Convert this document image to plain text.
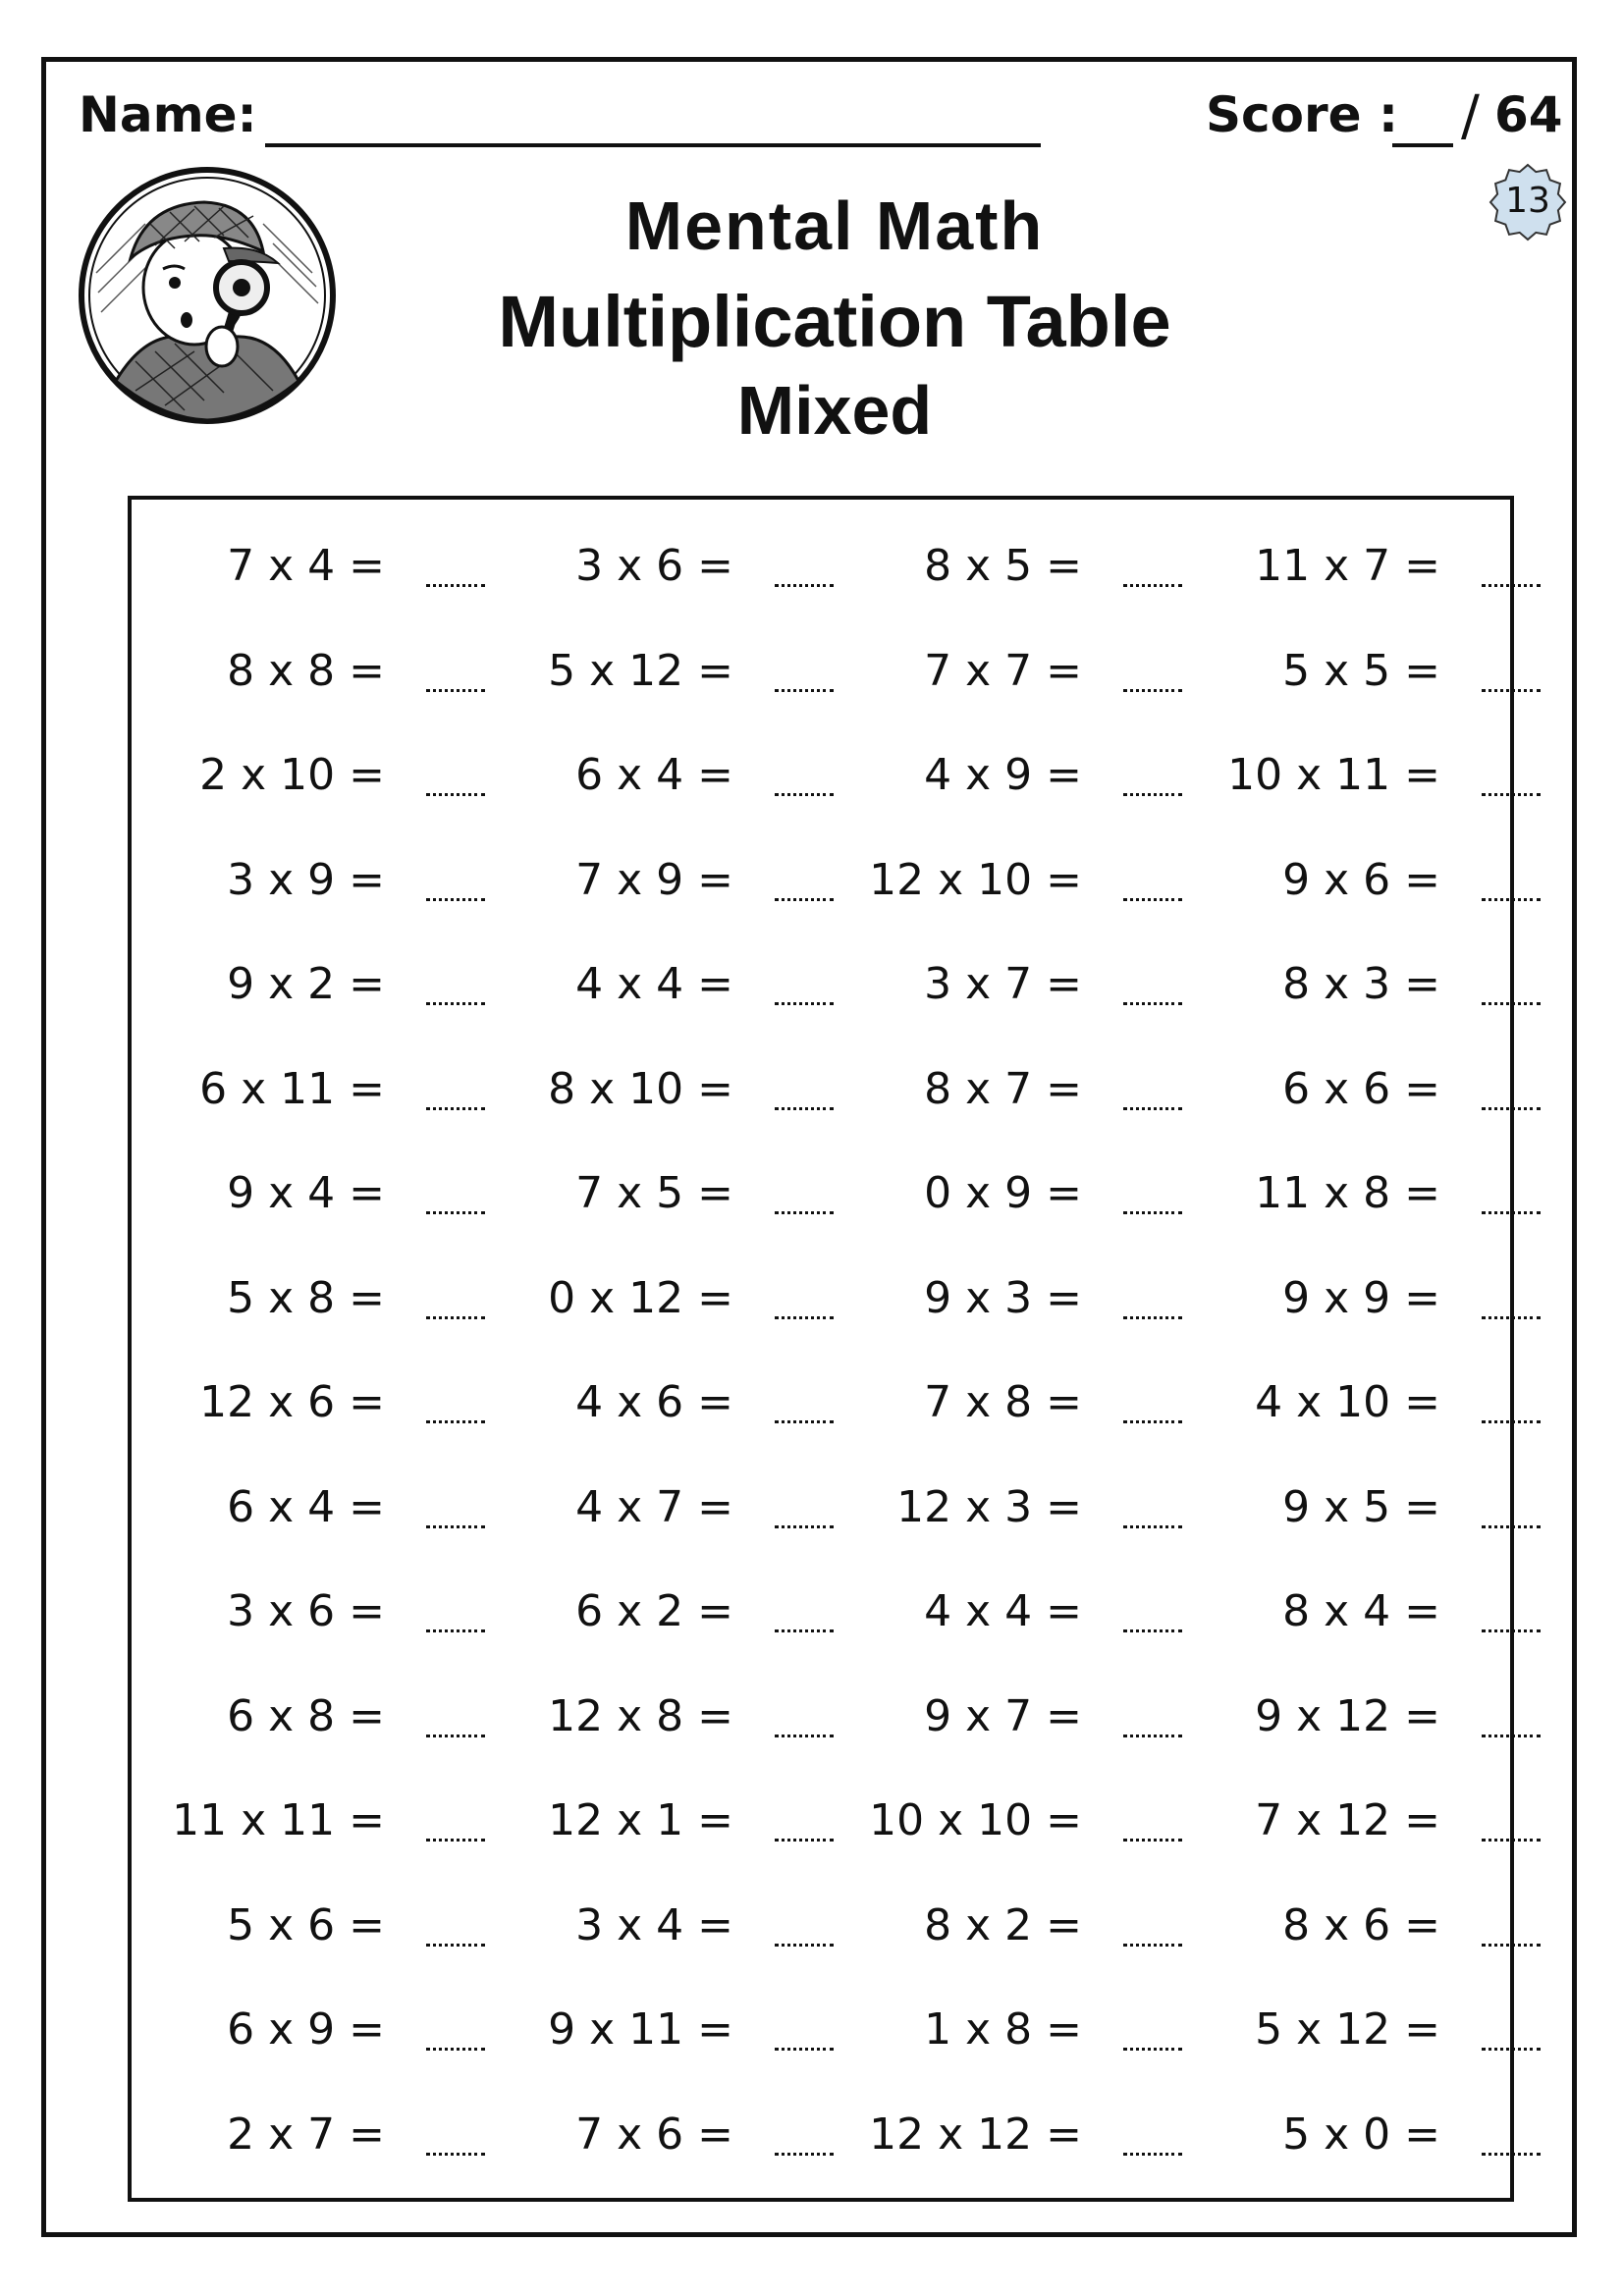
Name:	Score : / 64
13
Mental Math
Multiplication Table
Mixed
7 x 4 =	3 x 6 =	8 x 5 =	11 x 7 =
8 x 8 =	5 x 12 =	7 x 7 =	5 x 5 =
2 x 10 =	6 x 4 =	4 x 9 =	10 x 11 =
3 x 9 =	7 x 9 =	12 x 10 =	9 x 6 =
9 x 2 =	4 x 4 =	3 x 7 =	8 x 3 =
6 x 11 =	8 x 10 =	8 x 7 =	6 x 6 =
9 x 4 =	7 x 5 =	0 x 9 =	11 x 8 =
5 x 8 =	0 x 12 =	9 x 3 =	9 x 9 =
12 x 6 =	4 x 6 =	7 x 8 =	4 x 10 =
6 x 4 =	4 x 7 =	12 x 3 =	9 x 5 =
3 x 6 =	6 x 2 =	4 x 4 =	8 x 4 =
6 x 8 =	12 x 8 =	9 x 7 =	9 x 12 =
11 x 11 =	12 x 1 =	10 x 10 =	7 x 12 =
5 x 6 =	3 x 4 =	8 x 2 =	8 x 6 =
6 x 9 =	9 x 11 =	1 x 8 =	5 x 12 =
2 x 7 =	7 x 6 =	12 x 12 =	5 x 0 =
